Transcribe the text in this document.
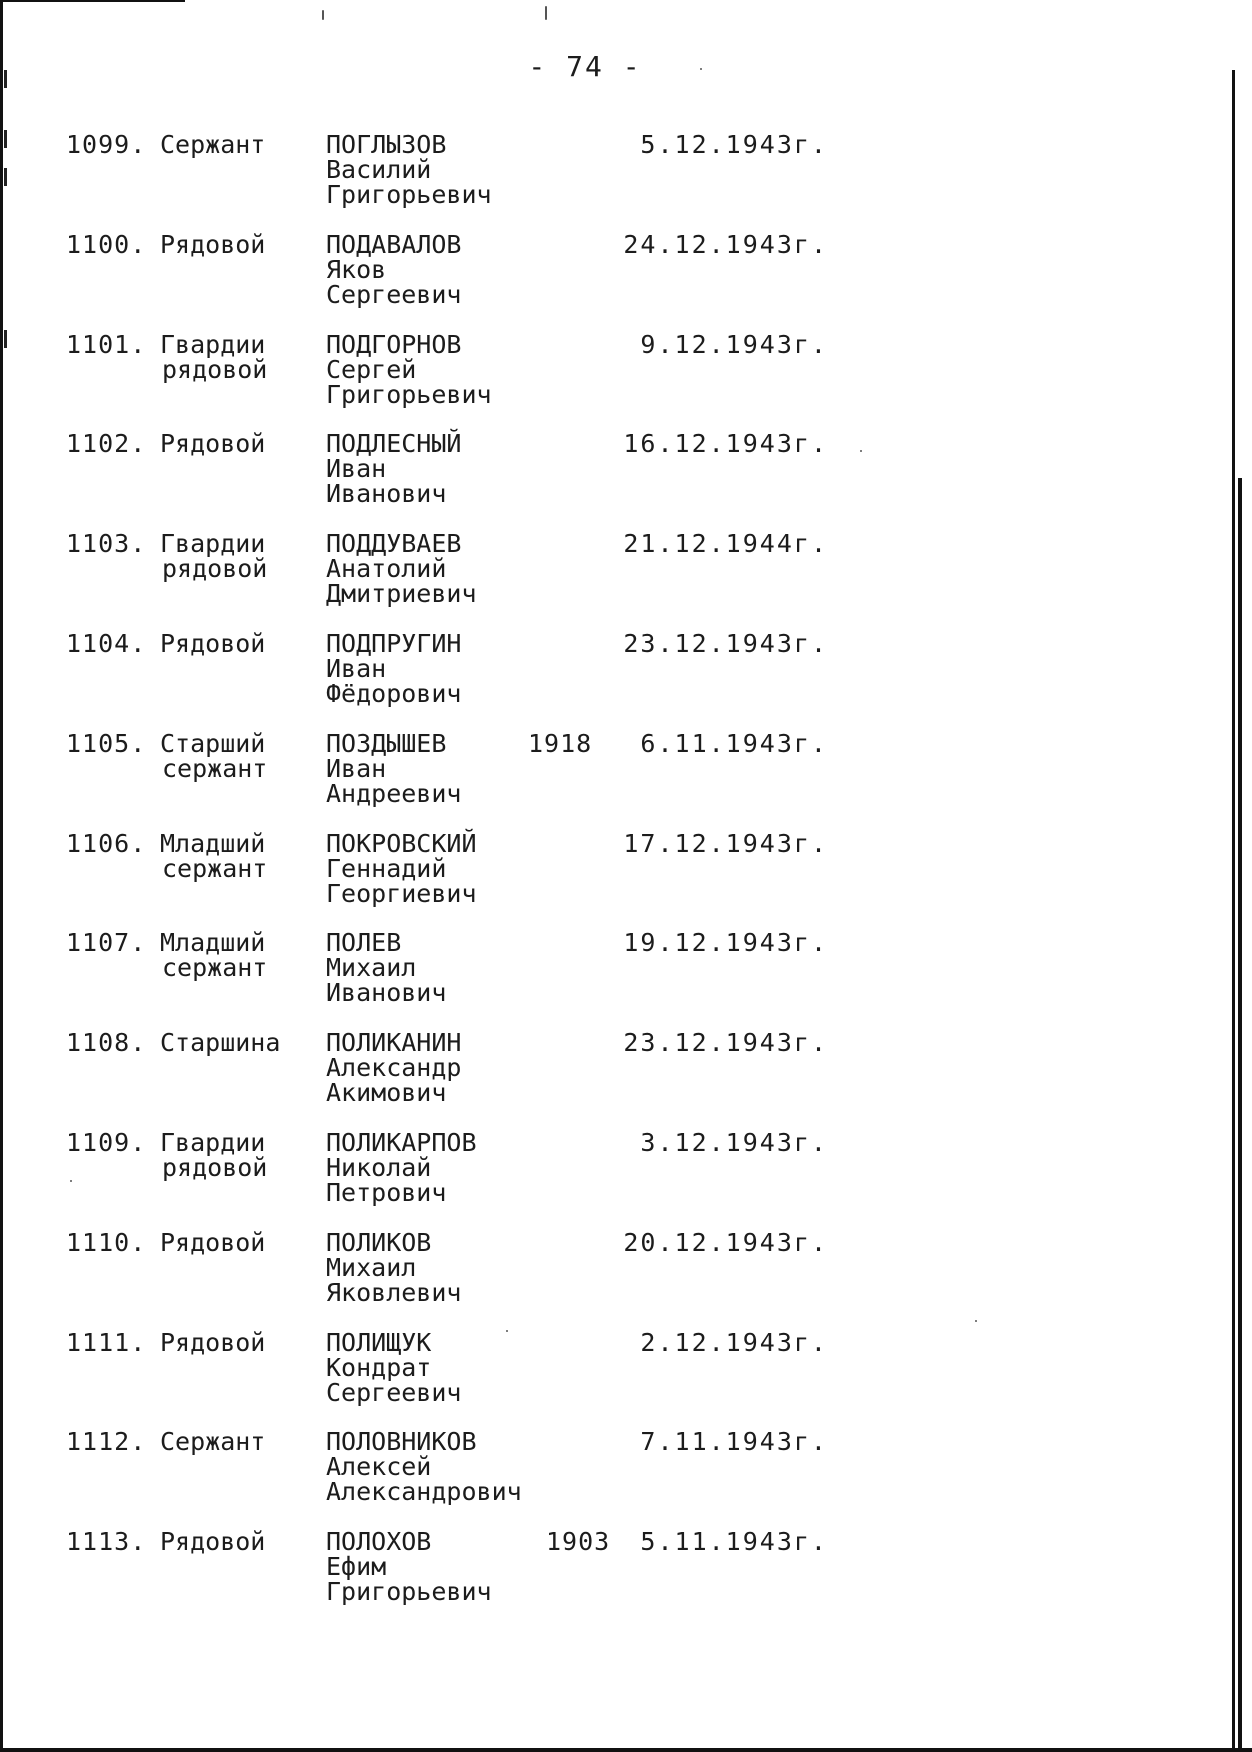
- 74 -
1099. Сержант ПОГЛЫЗОВ
Василий
Григорьевич
5.12.1943г.
1100. Рядовой ПОДАВАЛОВ
Яков
Сергеевич
24.12.1943г.
1101. Гвардии
рядовой
ПОДГОРНОВ
Сергей
Григорьевич
9.12.1943г.
1102. Рядовой ПОДЛЕСНЫЙ
Иван
Иванович
16.12.1943г.
1103. Гвардии
рядовой
ПОДДУВАЕВ
Анатолий
Дмитриевич
21.12.1944г.
1104. Рядовой ПОДПРУГИН
Иван
Фёдорович
23.12.1943г.
1105. Старший
сержант
ПОЗДЫШЕВ
Иван
Андреевич
1918 6.11.1943г.
1106. Младший
сержант
ПОКРОВСКИЙ
Геннадий
Георгиевич
17.12.1943г.
1107. Младший
сержант
ПОЛЕВ
Михаил
Иванович
19.12.1943г.
1108. Старшина ПОЛИКАНИН
Александр
Акимович
23.12.1943г.
1109. Гвардии
рядовой
ПОЛИКАРПОВ
Николай
Петрович
3.12.1943г.
1110. Рядовой ПОЛИКОВ
Михаил
Яковлевич
20.12.1943г.
1111. Рядовой ПОЛИЩУК
Кондрат
Сергеевич
2.12.1943г.
1112. Сержант ПОЛОВНИКОВ
Алексей
Александрович
7.11.1943г.
1113. Рядовой ПОЛОХОВ
Ефим
Григорьевич
1903 5.11.1943г.
